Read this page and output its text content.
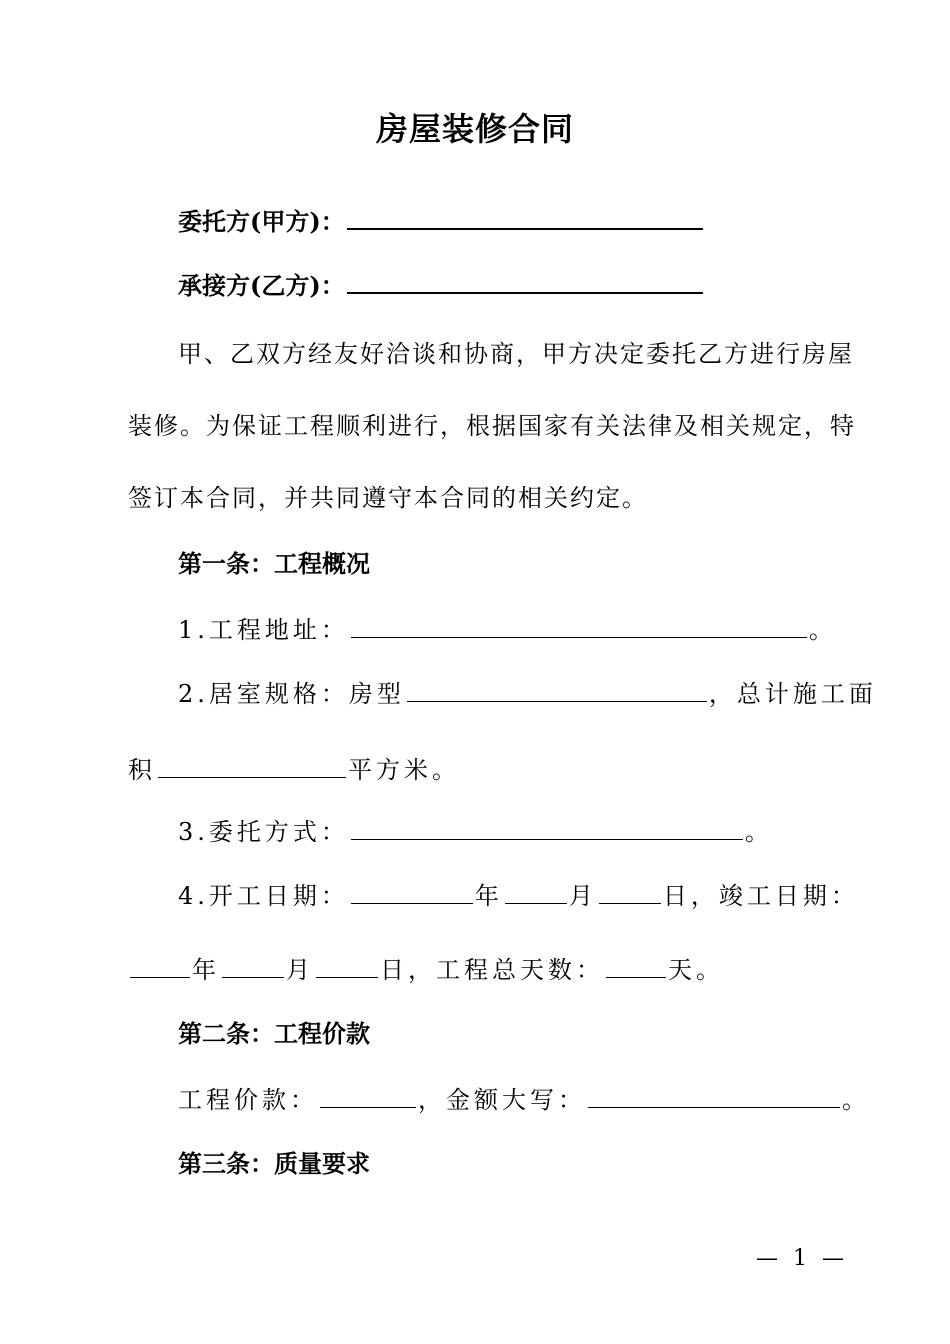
房屋装修合同
委托方(甲方)：
承接方(乙方)：
甲、乙双方经友好洽谈和协商，甲方决定委托乙方进行房屋
装修。为保证工程顺利进行，根据国家有关法律及相关规定，特
签订本合同，并共同遵守本合同的相关约定。
第一条：工程概况
1.工程地址：	。
2.居室规格：房型	，总计施工面
积	平方米。
3.委托方式：	。
4.开工日期：	年	月	日，竣工日期：
年	月	日，工程总天数：	天。
第二条：工程价款
工程价款：	，金额大写：	。
第三条：质量要求
— 1 —
